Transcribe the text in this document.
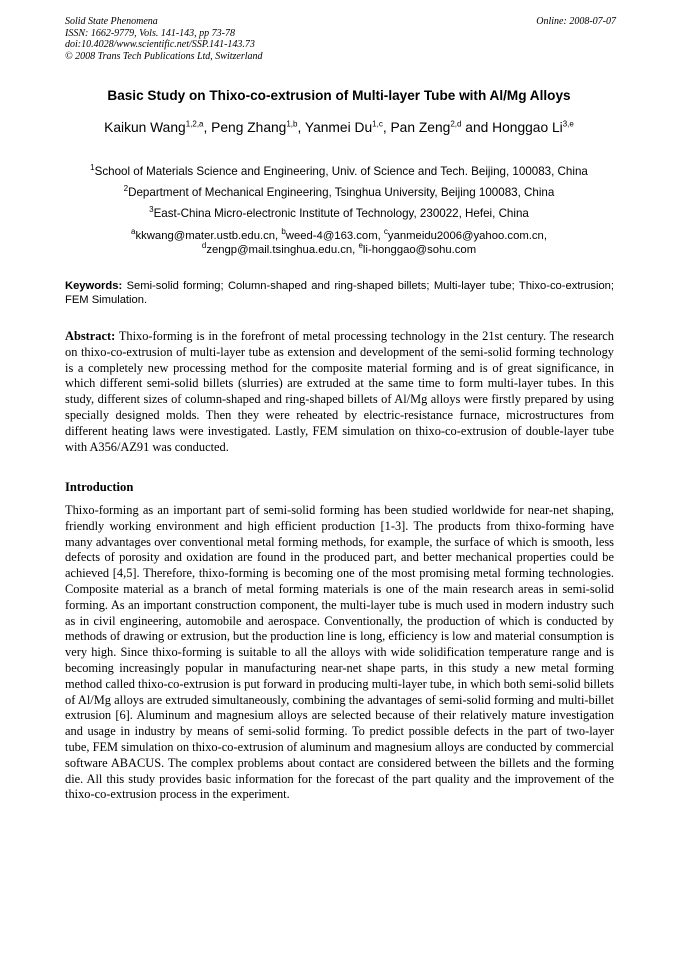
Solid State Phenomena
ISSN: 1662-9779, Vols. 141-143, pp 73-78
doi:10.4028/www.scientific.net/SSP.141-143.73
© 2008 Trans Tech Publications Ltd, Switzerland
Online: 2008-07-07
Basic Study on Thixo-co-extrusion of Multi-layer Tube with Al/Mg Alloys
Kaikun Wang$^{1,2,a}$, Peng Zhang$^{1,b}$, Yanmei Du$^{1,c}$, Pan Zeng$^{2,d}$ and Honggao Li$^{3,e}$
$^1$School of Materials Science and Engineering, Univ. of Science and Tech. Beijing, 100083, China
$^2$Department of Mechanical Engineering, Tsinghua University, Beijing 100083, China
$^3$East-China Micro-electronic Institute of Technology, 230022, Hefei, China
$^a$kkwang@mater.ustb.edu.cn, $^b$weed-4@163.com, $^c$yanmeidu2006@yahoo.com.cn,
$^d$zengp@mail.tsinghua.edu.cn, $^e$li-honggao@sohu.com
Keywords: Semi-solid forming; Column-shaped and ring-shaped billets; Multi-layer tube; Thixo-co-extrusion; FEM Simulation.
Abstract: Thixo-forming is in the forefront of metal processing technology in the 21st century. The research on thixo-co-extrusion of multi-layer tube as extension and development of the semi-solid forming technology is a completely new processing method for the composite material forming and is of great significance, in which different semi-solid billets (slurries) are extruded at the same time to form multi-layer tubes. In this study, different sizes of column-shaped and ring-shaped billets of Al/Mg alloys were firstly prepared by using specially designed molds. Then they were reheated by electric-resistance furnace, microstructures from different heating laws were investigated. Lastly, FEM simulation on thixo-co-extrusion of double-layer tube with A356/AZ91 was conducted.
Introduction
Thixo-forming as an important part of semi-solid forming has been studied worldwide for near-net shaping, friendly working environment and high efficient production [1-3]. The products from thixo-forming have many advantages over conventional metal forming methods, for example, the surface of which is smooth, less defects of porosity and oxidation are found in the produced part, and better mechanical properties could be achieved [4,5]. Therefore, thixo-forming is becoming one of the most promising metal forming technologies. Composite material as a branch of metal forming materials is one of the main research areas in semi-solid forming. As an important construction component, the multi-layer tube is much used in modern industry such as in civil engineering, automobile and aerospace. Conventionally, the production of which is conducted by methods of drawing or extrusion, but the production line is long, efficiency is low and material consumption is very high. Since thixo-forming is suitable to all the alloys with wide solidification temperature range and is becoming increasingly popular in manufacturing near-net shape parts, in this study a new metal forming method called thixo-co-extrusion is put forward in producing multi-layer tube, in which both semi-solid billets of Al/Mg alloys are extruded simultaneously, combining the advantages of semi-solid forming and multi-billet extrusion [6]. Aluminum and magnesium alloys are selected because of their relatively mature investigation and usage in industry by means of semi-solid forming. To predict possible defects in the part of two-layer tube, FEM simulation on thixo-co-extrusion of aluminum and magnesium alloys are conducted by commercial software ABACUS. The complex problems about contact are considered between the billets and the forming die. All this study provides basic information for the forecast of the part quality and the improvement of the thixo-co-extrusion process in the experiment.
